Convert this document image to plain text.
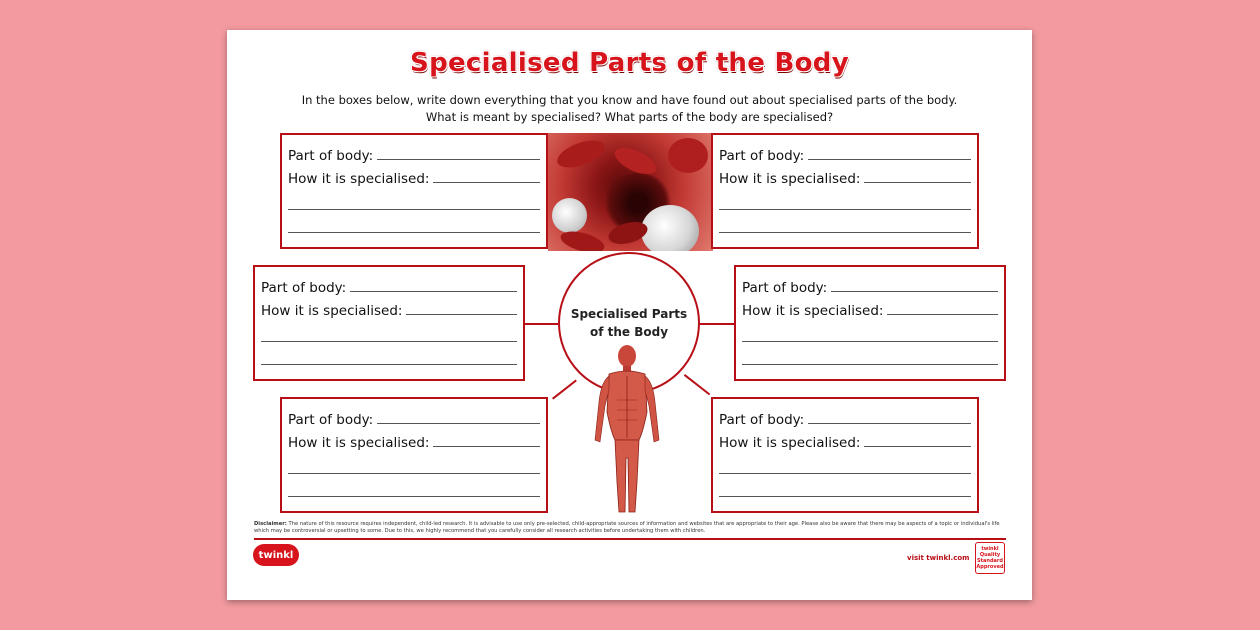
Specialised Parts of the Body
In the boxes below, write down everything that you know and have found out about specialised parts of the body.
What is meant by specialised? What parts of the body are specialised?
Specialised Parts of the Body
Part of body:
How it is specialised:
Part of body:
How it is specialised:
Part of body:
How it is specialised:
Part of body:
How it is specialised:
Part of body:
How it is specialised:
Part of body:
How it is specialised:
Disclaimer: The nature of this resource requires independent, child-led research. It is advisable to use only pre-selected, child-appropriate sources of information and websites that are appropriate to their age. Please also be aware that there may be aspects of a topic or individual's life which may be controversial or upsetting to some. Due to this, we highly recommend that you carefully consider all research activities before undertaking them with children.
twinkl	visit twinkl.com
twinkl
Quality Standard Approved
